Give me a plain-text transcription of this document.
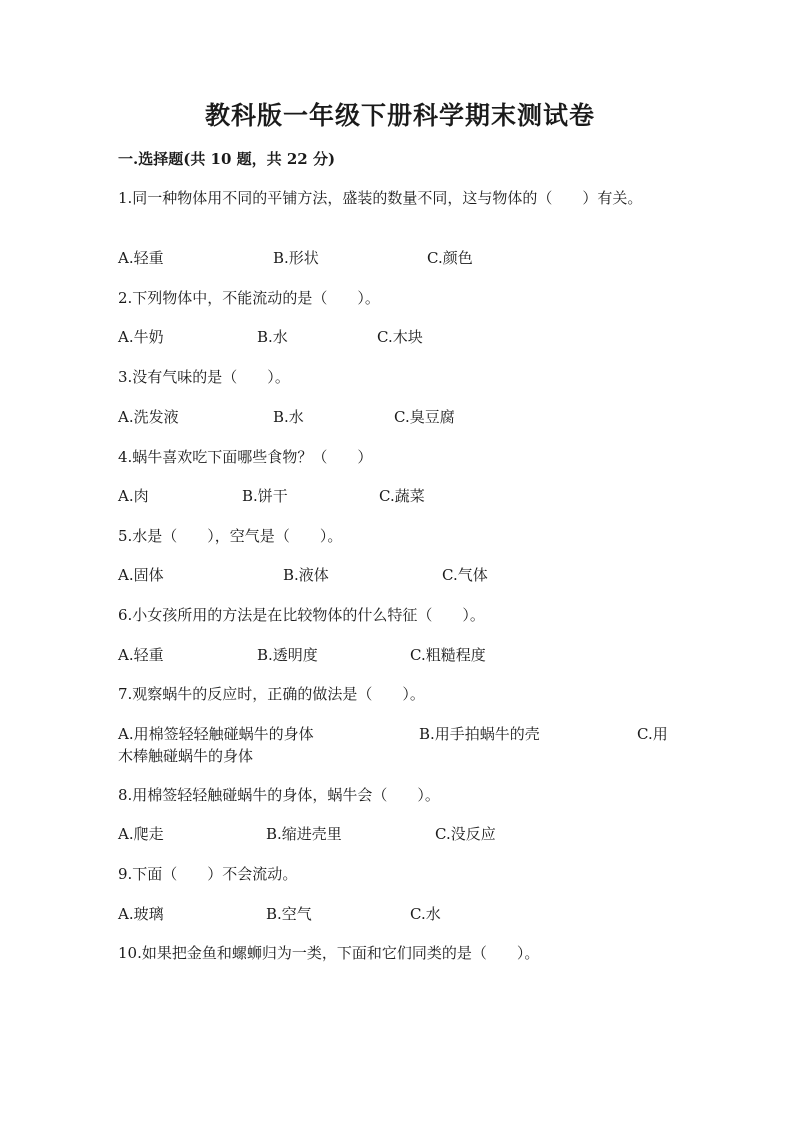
教科版一年级下册科学期末测试卷
一.选择题(共 10 题，共 22 分)
1.同一种物体用不同的平铺方法，盛装的数量不同，这与物体的（　　）有关。
A.轻重	B.形状	C.颜色
2.下列物体中，不能流动的是（　　）。
A.牛奶	B.水	C.木块
3.没有气味的是（　　）。
A.洗发液	B.水	C.臭豆腐
4.蜗牛喜欢吃下面哪些食物？（　　）
A.肉	B.饼干	C.蔬菜
5.水是（　　），空气是（　　）。
A.固体	B.液体	C.气体
6.小女孩所用的方法是在比较物体的什么特征（　　）。
A.轻重	B.透明度	C.粗糙程度
7.观察蜗牛的反应时，正确的做法是（　　）。
A.用棉签轻轻触碰蜗牛的身体	B.用手拍蜗牛的壳	C.用
木棒触碰蜗牛的身体
8.用棉签轻轻触碰蜗牛的身体，蜗牛会（　　）。
A.爬走	B.缩进壳里	C.没反应
9.下面（　　）不会流动。
A.玻璃	B.空气	C.水
10.如果把金鱼和螺蛳归为一类，下面和它们同类的是（　　）。
